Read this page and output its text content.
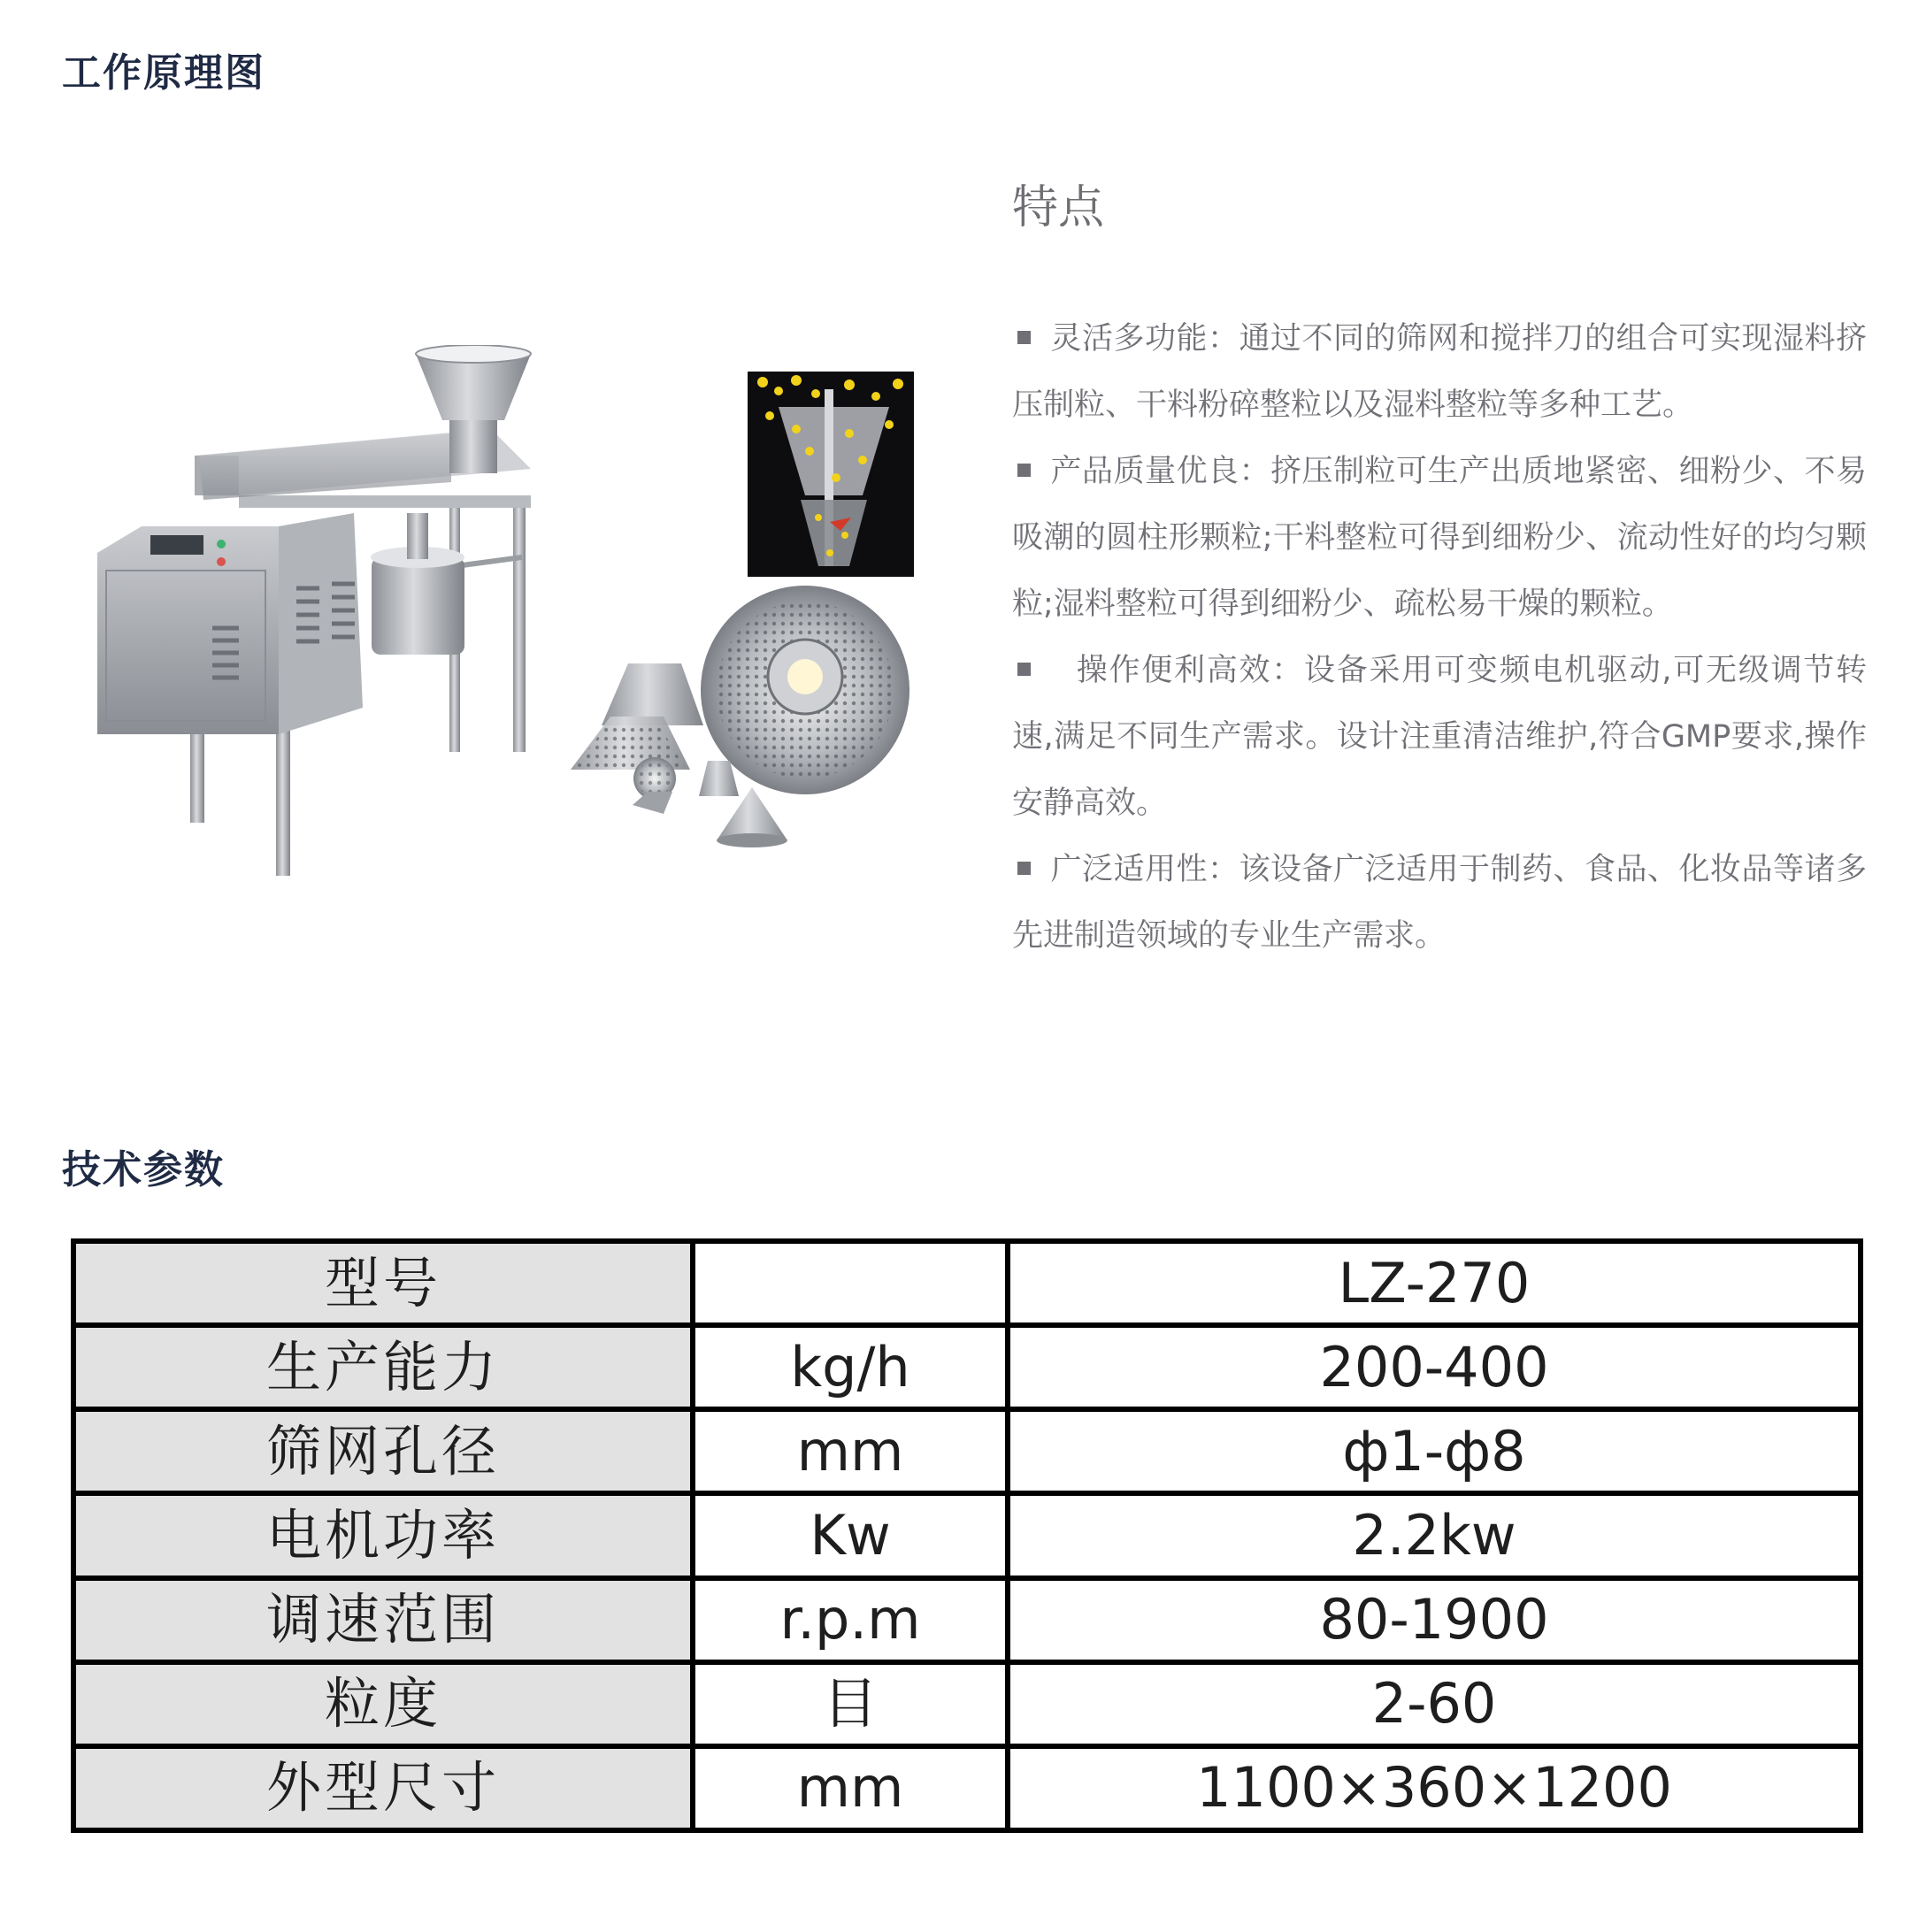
工作原理图
特点
灵活多功能：通过不同的筛网和搅拌刀的组合可实现湿料挤压制粒、干料粉碎整粒以及湿料整粒等多种工艺。
产品质量优良：挤压制粒可生产出质地紧密、细粉少、不易吸潮的圆柱形颗粒;干料整粒可得到细粉少、流动性好的均匀颗粒;湿料整粒可得到细粉少、疏松易干燥的颗粒。
操作便利高效：设备采用可变频电机驱动,可无级调节转速,满足不同生产需求。设计注重清洁维护,符合GMP要求,操作安静高效。
广泛适用性：该设备广泛适用于制药、食品、化妆品等诸多先进制造领域的专业生产需求。
技术参数
型号		LZ-270
生产能力	kg/h	200-400
筛网孔径	mm	ф1-ф8
电机功率	Kw	2.2kw
调速范围	r.p.m	80-1900
粒度	目	2-60
外型尺寸	mm	1100×360×1200
